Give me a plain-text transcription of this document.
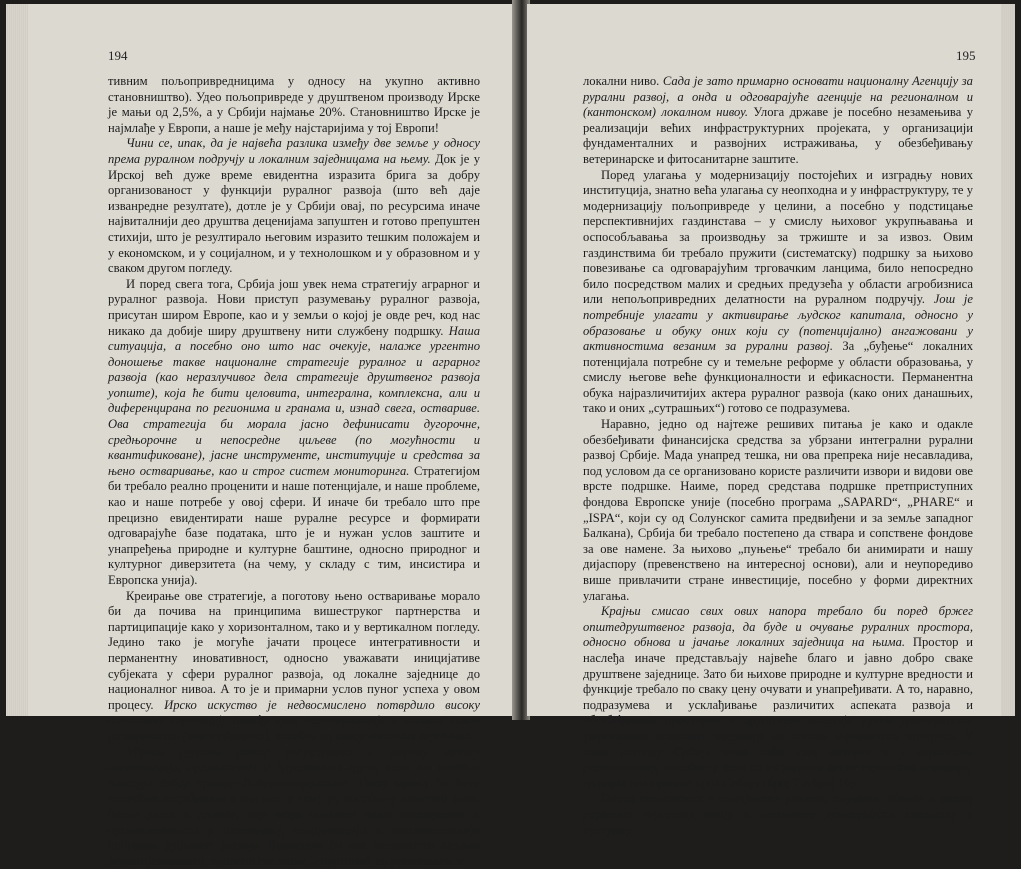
194

тивним пољопривредницима у односу на укупно активно становништво). Удео пољопривреде у друштвеном производу Ирске је мањи од 2,5%, а у Србији најмање 20%. Становништво Ирске је најмлађе у Европи, а наше је међу најстаријима у тој Европи!

Чини се, ипак, да је највећа разлика између две земље у односу према руралном подручју и локалним заједницама на њему. Док је у Ирској већ дуже време евидентна изразита брига за добру организованост у функцији руралног развоја (што већ даје изванредне резултате), дотле је у Србији овај, по ресурсима иначе највиталнији део друштва деценијама запуштен и готово препуштен стихији, што је резултирало његовим изразито тешким положајем и у економском, и у социјалном, и у технолошком и у образовном и у сваком другом погледу.

И поред свега тога, Србија још увек нема стратегију аграрног и руралног развоја. Нови приступ разумевању руралног развоја, присутан широм Европе, као и у земљи о којој је овде реч, код нас никако да добије ширу друштвену нити службену подршку. Наша ситуација, а посебно оно што нас очекује, налаже ургентно доношење такве националне стратегије руралног и аграрног развоја (као неразлучивог дела стратегије друштвеног развоја уопште), која ће бити целовита, интегрална, комплексна, али и диференцирана по регионима и гранама и, изнад свега, оствариве. Ова стратегија би морала јасно дефинисати дугорочне, средњорочне и непосредне циљеве (по могућности и квантификоване), јасне инструменте, институције и средства за њено остваривање, као и строг систем мониторинга. Стратегијом би требало реално проценити и наше потенцијале, и наше проблеме, као и наше потребе у овој сфери. И иначе би требало што пре прецизно евидентирати наше руралне ресурсе и формирати одговарајуће базе података, што је и нужан услов заштите и унапређења природне и културне баштине, односно природног и културног диверзитета (на чему, у складу с тим, инсистира и Европска унија).

Креирање ове стратегије, а поготову њено остваривање морало би да почива на принципима вишеструког партнерства и партиципације како у хоризонталном, тако и у вертикалном погледу. Једино тако је могуће јачати процесе интегративности и перманентну иновативност, односно уважавати иницијативе субјеката у сфери руралног развоја, од локалне заједнице до националног нивоа. А то је и примарни услов пуног успеха у овом процесу. Ирско искуство је недвосмислено потврдило високу позитивну корелацију између пуне партиципације и високог нивоа развијености (као и обрнуто), посебно на нивоу локалних заједница.

Убрзан рурални развој подразумева и широку мрежу институција, организација и друштвених група, како то посебно показује добар пример Лидер-иницијативе. Такву мрежу ће бити потребно изграђивати и код нас, у чему је, посебно у почетној фази, битна улога и државе, која мора показати више иницијативе и организованости у планирању, координацији и имплементацији програма руралног развоја. Временом би ове активности ваљало децентрализовати, односно све више „спуштати“ на регионални и

195

локални ниво. Сада је зато примарно основати националну Агенцију за рурални развој, а онда и одговарајуће агенције на регионалном и (кантонском) локалном нивоу. Улога државе је посебно незамењива у реализацији већих инфраструктурних пројеката, у организацији фундаменталних и развојних истраживања, у обезбеђивању ветеринарске и фитосанитарне заштите.

Поред улагања у модернизацију постојећих и изградњу нових институција, знатно већа улагања су неопходна и у инфраструктуру, те у модернизацију пољопривреде у целини, а посебно у подстицање перспективнијих газдинстава – у смислу њиховог укрупњавања и оспособљавања за производњу за тржиште и за извоз. Овим газдинствима би требало пружити (систематску) подршку за њихово повезивање са одговарајућим трговачким ланцима, било непосредно било посредством малих и средњих предузећа у области агробизниса или непољопривредних делатности на руралном подручју. Још је потребније улагати у активирање људског капитала, односно у образовање и обуку оних који су (потенцијално) ангажовани у активностима везаним за рурални развој. За „буђење“ локалних потенцијала потребне су и темељне реформе у области образовања, у смислу његове веће функционалности и ефикасности. Перманентна обука најразличитијих актера руралног развоја (како оних данашњих, тако и оних „сутрашњих“) готово се подразумева.

Наравно, једно од најтеже решивих питања је како и одакле обезбеђивати финансијска средства за убрзани интегрални рурални развој Србије. Мада унапред тешка, ни ова препрека није несавладива, под условом да се организовано користе различити извори и видови ове врсте подршке. Наиме, поред средстава подршке претприступних фондова Европске уније (посебно програма „SAPARD“, „PHARE“ и „ISPA“, који су од Солунског самита предвиђени и за земље западног Балкана), Србија би требало постепено да ствара и сопствене фондове за ове намене. За њихово „пуњење“ требало би анимирати и нашу дијаспору (превенствено на интересној основи), али и неупоредиво више привлачити стране инвестиције, посебно у форми директних улагања.

Крајњи смисао свих ових напора требало би поред бржег општедруштвеног развоја, да буде и очување руралних простора, односно обнова и јачање локалних заједница на њима. Простор и наслеђа иначе представљају највеће благо и јавно добро сваке друштвене заједнице. Зато би њихове природне и културне вредности и функције требало по сваку цену очувати и унапређивати. А то, наравно, подразумева и усклађивање различитих аспеката развоја и обезбеђивање просторне и друштвене кохезије путем демократског умрежавања локалних заједница на основу заједничких интереса. У овом погледу Србија може наћи свој интерес и у европском регионализму, посебно у вези са изградњом десет европских коридора, од којих два пролазе кроз Србију (број 7 и број 10).

Поред економских и социјалних разлога, очување, обнова и развој руралних заједница имају и наглашену демографску, еколошку и културну
